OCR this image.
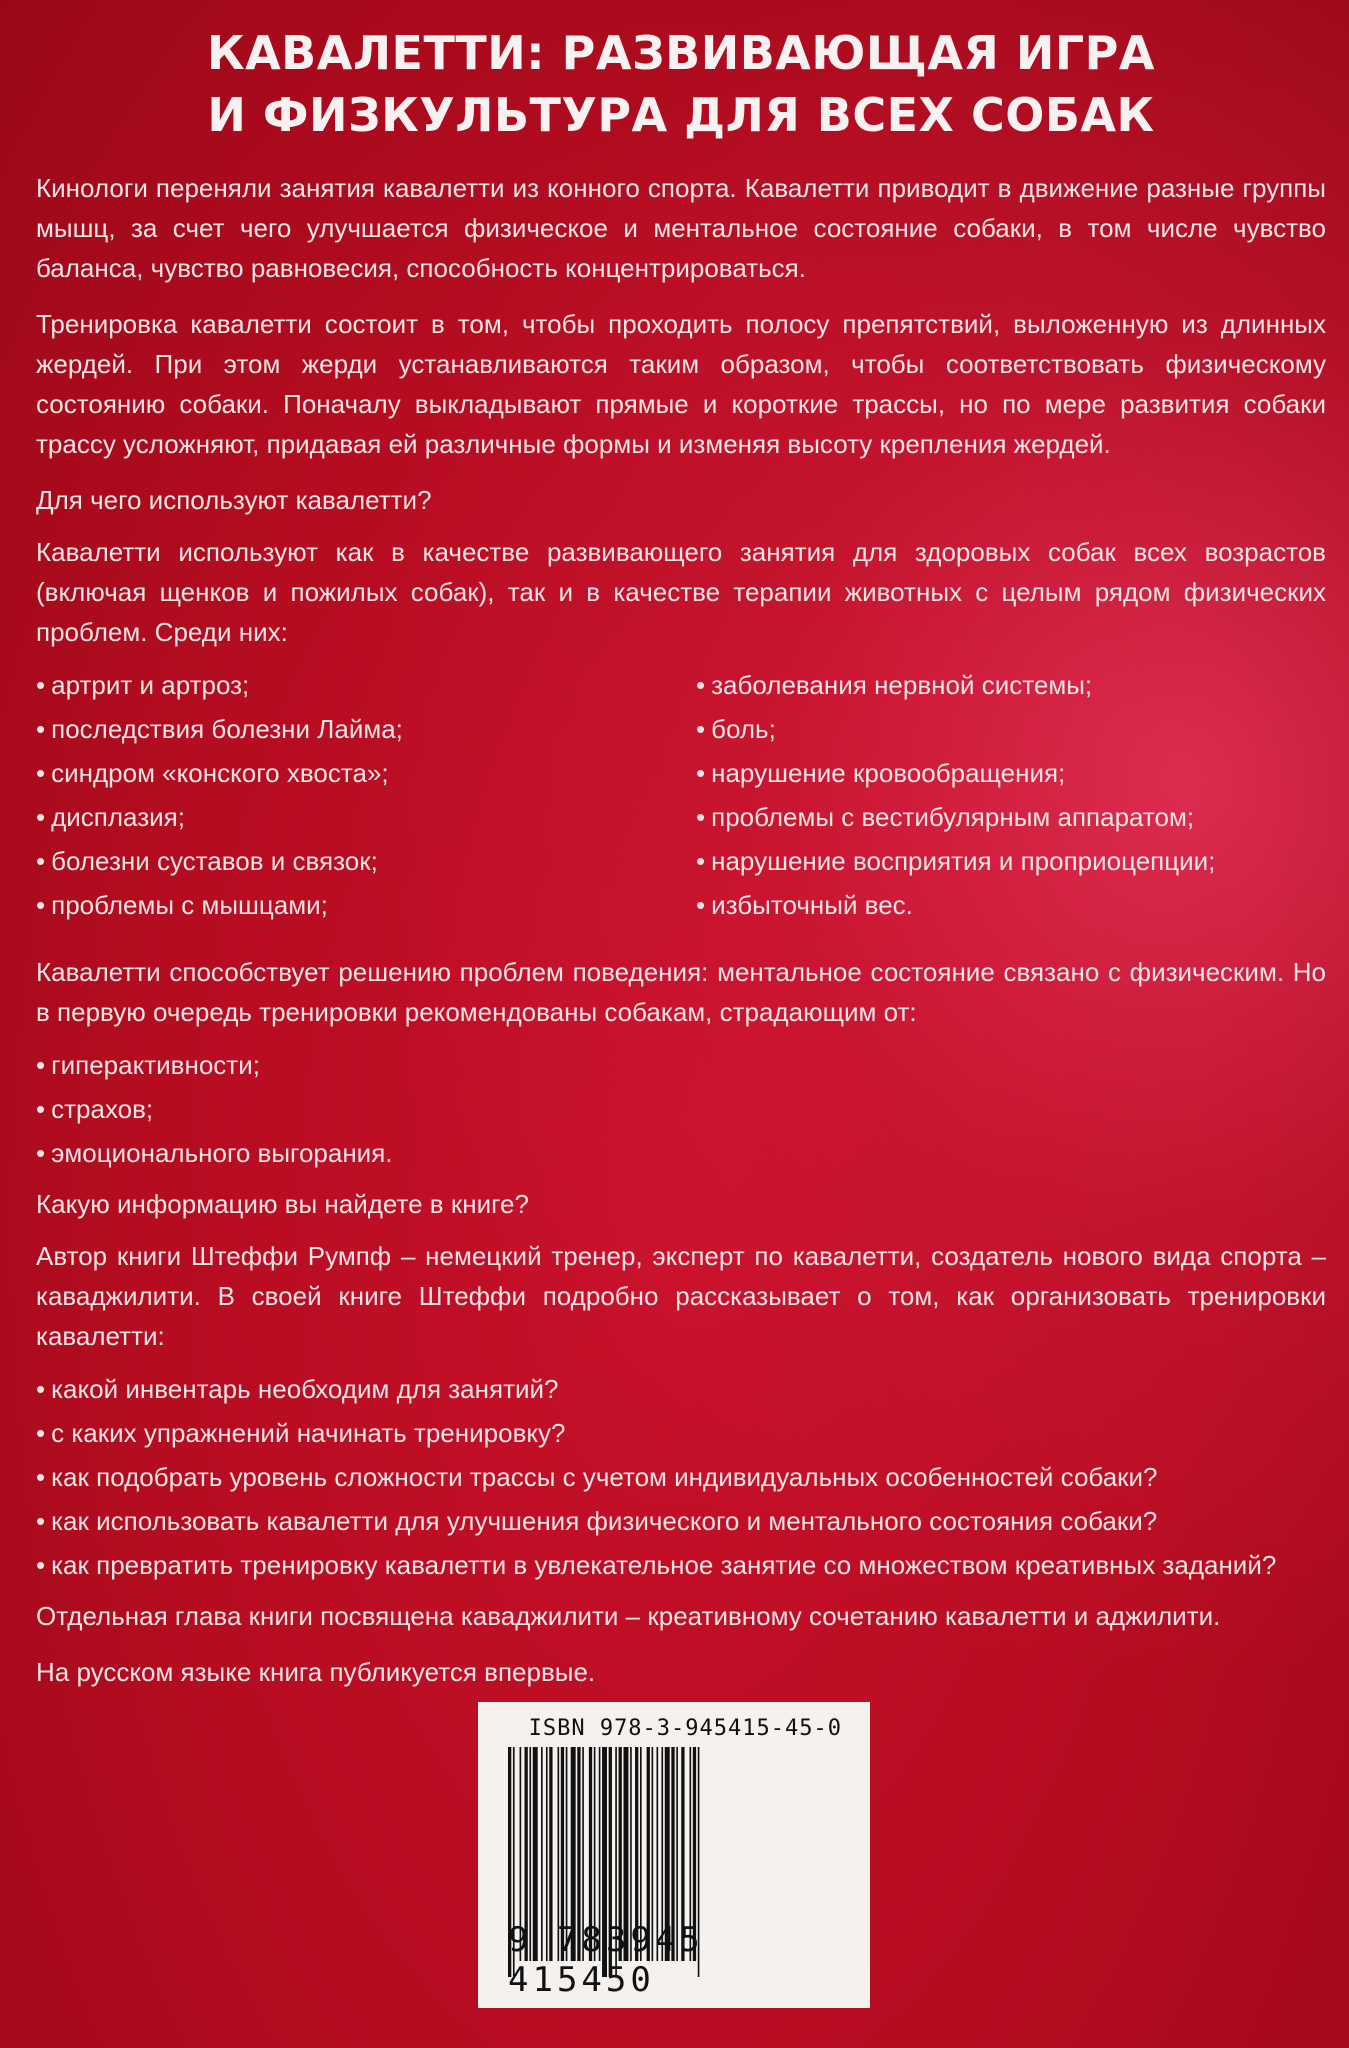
КАВАЛЕТТИ: РАЗВИВАЮЩАЯ ИГРА
И ФИЗКУЛЬТУРА ДЛЯ ВСЕХ СОБАК

Кинологи переняли занятия кавалетти из конного спорта. Кавалетти приводит в движение разные группы мышц, за счет чего улучшается физическое и ментальное состояние собаки, в том числе чувство баланса, чувство равновесия, способность концентрироваться.

Тренировка кавалетти состоит в том, чтобы проходить полосу препятствий, выложенную из длинных жердей. При этом жерди устанавливаются таким образом, чтобы соответствовать физическому состоянию собаки. Поначалу выкладывают прямые и короткие трассы, но по мере развития собаки трассу усложняют, придавая ей различные формы и изменяя высоту крепления жердей.

Для чего используют кавалетти?

Кавалетти используют как в качестве развивающего занятия для здоровых собак всех возрастов (включая щенков и пожилых собак), так и в качестве терапии животных с целым рядом физических проблем. Среди них:

• артрит и артроз;
• последствия болезни Лайма;
• синдром «конского хвоста»;
• дисплазия;
• болезни суставов и связок;
• проблемы с мышцами;
• заболевания нервной системы;
• боль;
• нарушение кровообращения;
• проблемы с вестибулярным аппаратом;
• нарушение восприятия и проприоцепции;
• избыточный вес.

Кавалетти способствует решению проблем поведения: ментальное состояние связано с физическим. Но в первую очередь тренировки рекомендованы собакам, страдающим от:

• гиперактивности;
• страхов;
• эмоционального выгорания.

Какую информацию вы найдете в книге?

Автор книги Штеффи Румпф – немецкий тренер, эксперт по кавалетти, создатель нового вида спорта – каваджилити. В своей книге Штеффи подробно рассказывает о том, как организовать тренировки кавалетти:

• какой инвентарь необходим для занятий?
• с каких упражнений начинать тренировку?
• как подобрать уровень сложности трассы с учетом индивидуальных особенностей собаки?
• как использовать кавалетти для улучшения физического и ментального состояния собаки?
• как превратить тренировку кавалетти в увлекательное занятие со множеством креативных заданий?

Отдельная глава книги посвящена каваджилити – креативному сочетанию кавалетти и аджилити.

На русском языке книга публикуется впервые.

ISBN 978-3-945415-45-0
9 783945 415450
